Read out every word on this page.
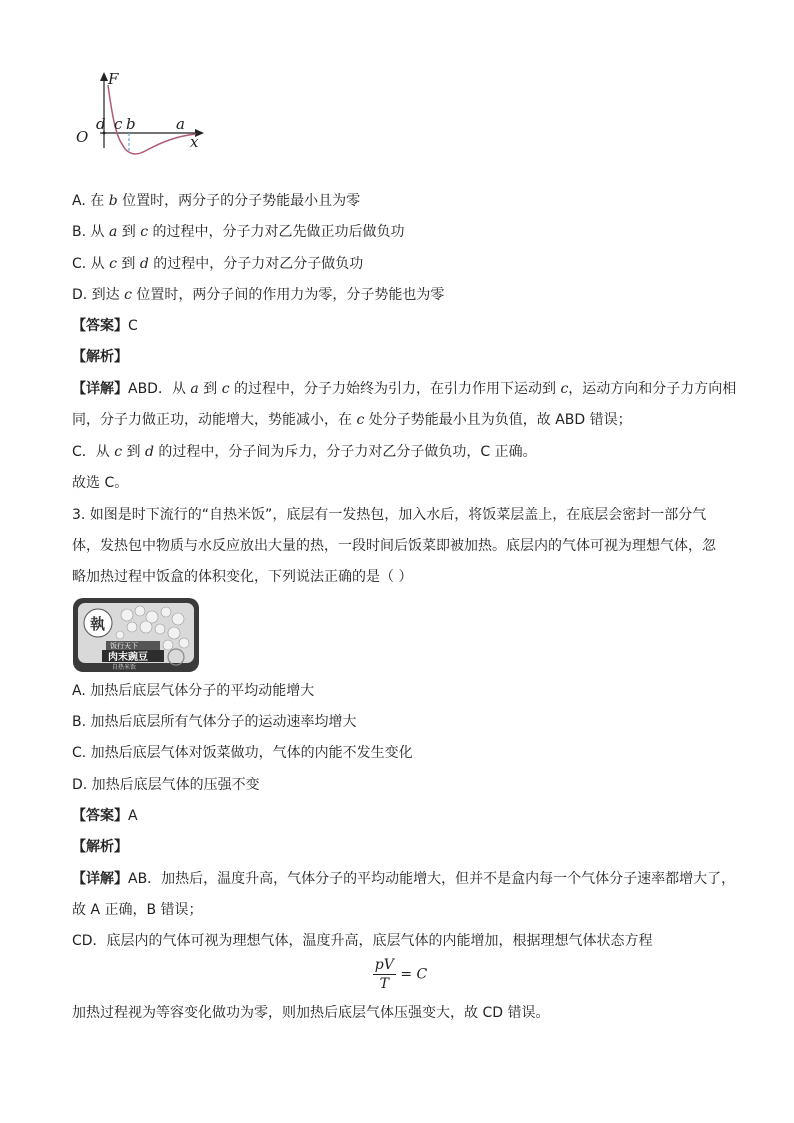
F
O	x
d c b	a
A. 在 b 位置时，两分子的分子势能最小且为零
B. 从 a 到 c 的过程中，分子力对乙先做正功后做负功
C. 从 c 到 d 的过程中，分子力对乙分子做负功
D. 到达 c 位置时，两分子间的作用力为零，分子势能也为零
【答案】C
【解析】
【详解】ABD．从 a 到 c 的过程中，分子力始终为引力，在引力作用下运动到 c，运动方向和分子力方向相
同，分子力做正功，动能增大，势能减小，在 c 处分子势能最小且为负值，故 ABD 错误；
C．从 c 到 d 的过程中，分子间为斥力，分子力对乙分子做负功，C 正确。
故选 C。
3. 如图是时下流行的“自热米饭”，底层有一发热包，加入水后，将饭菜层盖上，在底层会密封一部分气
体，发热包中物质与水反应放出大量的热，一段时间后饭菜即被加热。底层内的气体可视为理想气体，忽
略加热过程中饭盒的体积变化，下列说法正确的是（ ）
執
饭行天下
肉末豌豆
自热米饭
A. 加热后底层气体分子的平均动能增大
B. 加热后底层所有气体分子的运动速率均增大
C. 加热后底层气体对饭菜做功，气体的内能不发生变化
D. 加热后底层气体的压强不变
【答案】A
【解析】
【详解】AB．加热后，温度升高，气体分子的平均动能增大，但并不是盒内每一个气体分子速率都增大了，
故 A 正确，B 错误；
CD．底层内的气体可视为理想气体，温度升高，底层气体的内能增加，根据理想气体状态方程
$\frac{pV}{T} = C$
加热过程视为等容变化做功为零，则加热后底层气体压强变大，故 CD 错误。
